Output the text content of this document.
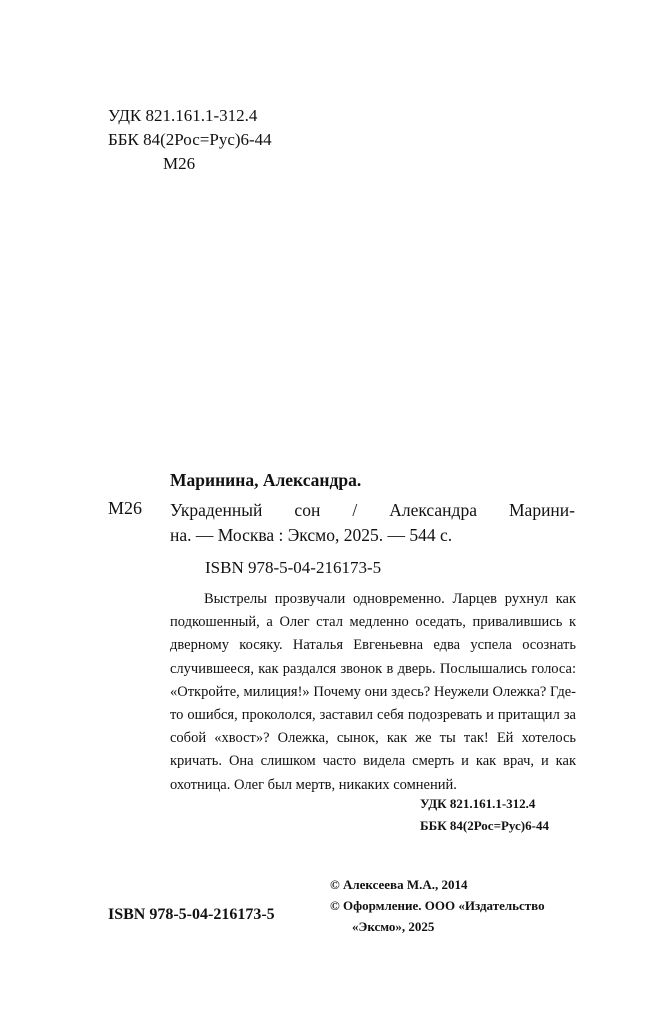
УДК 821.161.1-312.4
ББК 84(2Рос=Рус)6-44
М26
Маринина, Александра.
М26 Украденный сон / Александра Марини-
на. — Москва : Эксмо, 2025. — 544 с.
ISBN 978-5-04-216173-5

Выстрелы прозвучали одновременно. Ларцев рухнул как подкошенный, а Олег стал медленно оседать, привалившись к дверному косяку. Наталья Евгеньевна едва успела осознать случившееся, как раздался звонок в дверь. Послышались голоса: «Откройте, милиция!» Почему они здесь? Неужели Олежка? Где-то ошибся, прокололся, заставил себя подозревать и притащил за собой «хвост»? Олежка, сынок, как же ты так! Ей хотелось кричать. Она слишком часто видела смерть и как врач, и как охотница. Олег был мертв, никаких сомнений.

УДК 821.161.1-312.4
ББК 84(2Рос=Рус)6-44
© Алексеева М.А., 2014
© Оформление. ООО «Издательство
«Эксмо», 2025
ISBN 978-5-04-216173-5
